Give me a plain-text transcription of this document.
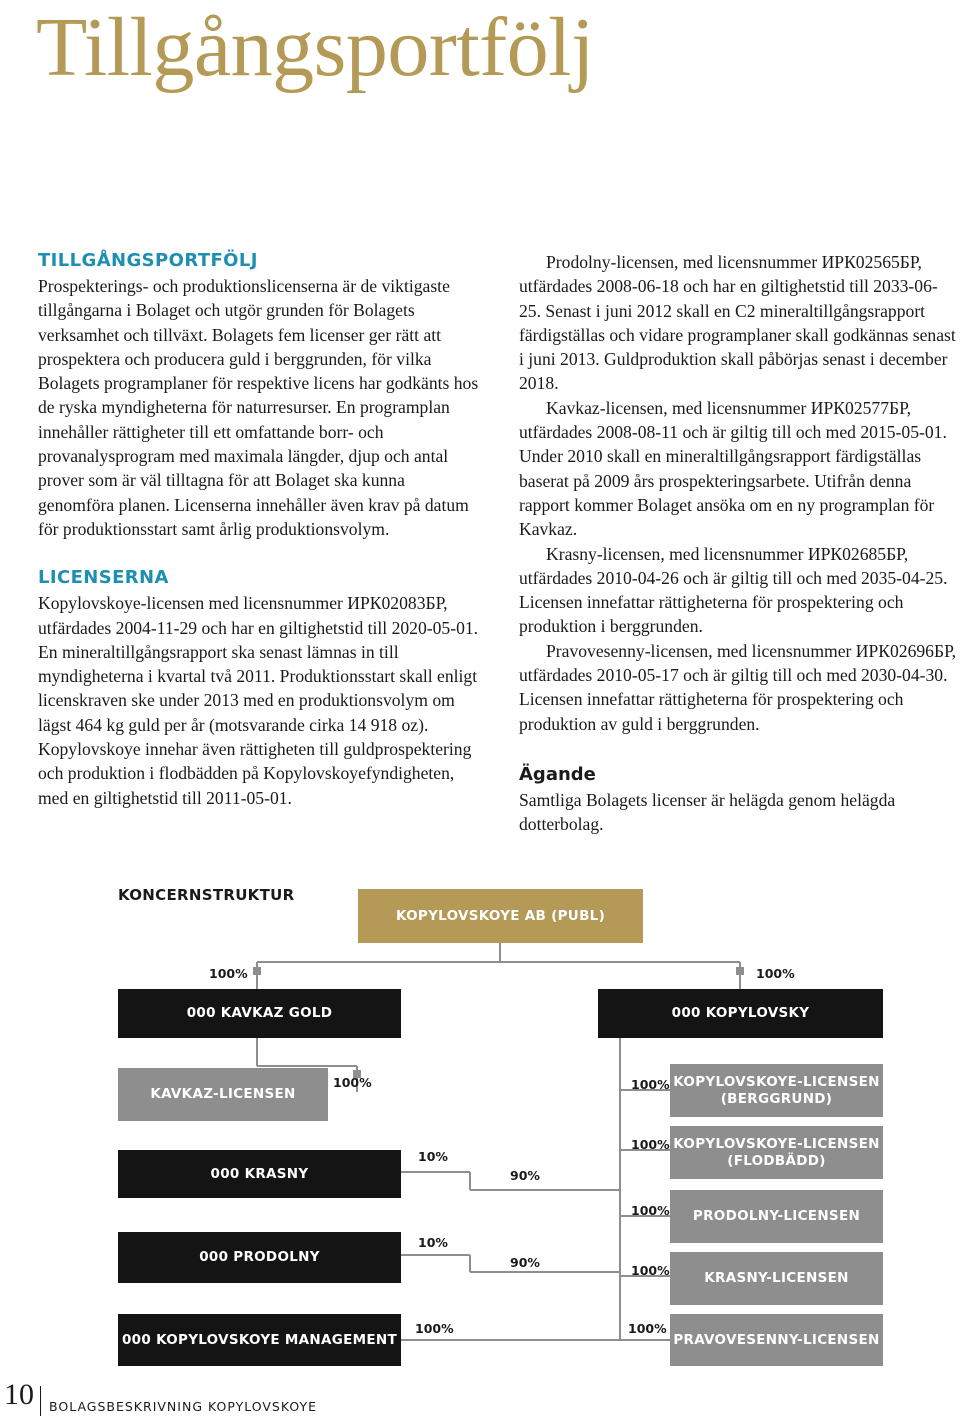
Tillgångsportfölj
TILLGÅNGSPORTFÖLJ

Prospekterings- och produktionslicenserna är de viktigaste tillgångarna i Bolaget och utgör grunden för Bolagets verksamhet och tillväxt. Bolagets fem licenser ger rätt att prospektera och producera guld i berggrunden, för vilka Bolagets programplaner för respektive licens har godkänts hos de ryska myndigheterna för naturresurser. En programplan innehåller rättigheter till ett omfattande borr- och provanalysprogram med maximala längder, djup och antal prover som är väl tilltagna för att Bolaget ska kunna genomföra planen. Licenserna innehåller även krav på datum för produktionsstart samt årlig produktionsvolym.

LICENSERNA

Kopylovskoye-licensen med licensnummer ИРК02083БР, utfärdades 2004-11-29 och har en giltighetstid till 2020-05-01. En mineraltillgångsrapport ska senast lämnas in till myndigheterna i kvartal två 2011. Produktionsstart skall enligt licenskraven ske under 2013 med en produktionsvolym om lägst 464 kg guld per år (motsvarande cirka 14 918 oz). Kopylovskoye innehar även rättigheten till guldprospektering och produktion i flodbädden på Kopylovskoyefyndigheten, med en giltighetstid till 2011-05-01.

Prodolny-licensen, med licensnummer ИРК02565БР, utfärdades 2008-06-18 och har en giltighetstid till 2033-06-25. Senast i juni 2012 skall en C2 mineraltillgångsrapport färdigställas och vidare programplaner skall godkännas senast i juni 2013. Guldproduktion skall påbörjas senast i december 2018.

Kavkaz-licensen, med licensnummer ИРК02577БР, utfärdades 2008-08-11 och är giltig till och med 2015-05-01. Under 2010 skall en mineraltillgångsrapport färdigställas baserat på 2009 års prospekteringsarbete. Utifrån denna rapport kommer Bolaget ansöka om en ny programplan för Kavkaz.

Krasny-licensen, med licensnummer ИРК02685БР, utfärdades 2010-04-26 och är giltig till och med 2035-04-25. Licensen innefattar rättigheterna för prospektering och produktion i berggrunden.

Pravovesenny-licensen, med licensnummer ИРК02696БР, utfärdades 2010-05-17 och är giltig till och med 2030-04-30. Licensen innefattar rättigheterna för prospektering och produktion av guld i berggrunden.

Ägande

Samtliga Bolagets licenser är helägda genom helägda dotterbolag.

KONCERNSTRUKTUR
KOPYLOVSKOYE AB (PUBL)
100%	100%
000 KAVKAZ GOLD	000 KOPYLOVSKY
KAVKAZ-LICENSEN
100%	100% KOPYLOVSKOYE-LICENSEN
(BERGGRUND)
000 KRASNY
10%
90%
100% KOPYLOVSKOYE-LICENSEN
(FLODBÄDD)
100%	PRODOLNY-LICENSEN
000 PRODOLNY
10%
90%
100%	KRASNY-LICENSEN
000 KOPYLOVSKOYE MANAGEMENT
100%	100%
PRAVOVESENNY-LICENSEN
10 BOLAGSBESKRIVNING KOPYLOVSKOYE
